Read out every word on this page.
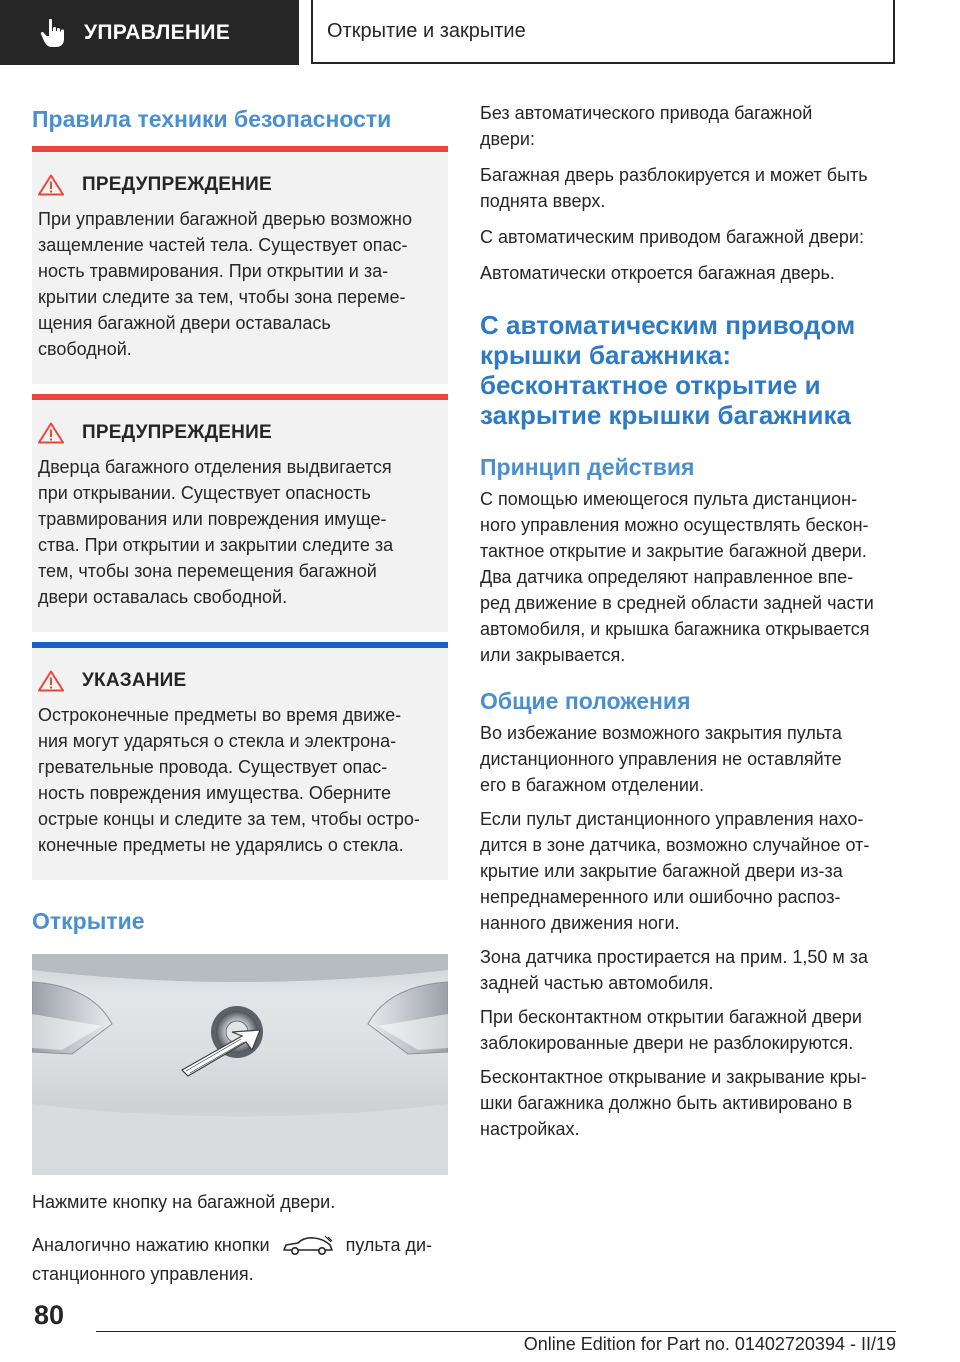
УПРАВЛЕНИЕ	Открытие и закрытие
Правила техники безопасности
ПРЕДУПРЕЖДЕНИЕ
При управлении багажной дверью возможно
защемление частей тела. Существует опас-
ность травмирования. При открытии и за-
крытии следите за тем, чтобы зона переме-
щения багажной двери оставалась
свободной.
ПРЕДУПРЕЖДЕНИЕ
Дверца багажного отделения выдвигается
при открывании. Существует опасность
травмирования или повреждения имуще-
ства. При открытии и закрытии следите за
тем, чтобы зона перемещения багажной
двери оставалась свободной.
УКАЗАНИЕ
Остроконечные предметы во время движе-
ния могут ударяться о стекла и электрона-
гревательные провода. Существует опас-
ность повреждения имущества. Оберните
острые концы и следите за тем, чтобы остро-
конечные предметы не ударялись о стекла.
Открытие

Нажмите кнопку на багажной двери.

Аналогично нажатию кнопки	пульта ди-
станционного управления.

Без автоматического привода багажной
двери:

Багажная дверь разблокируется и может быть
поднята вверх.

С автоматическим приводом багажной двери:

Автоматически откроется багажная дверь.

С автоматическим приводом
крышки багажника:
бесконтактное открытие и
закрытие крышки багажника
Принцип действия

С помощью имеющегося пульта дистанцион-
ного управления можно осуществлять бескон-
тактное открытие и закрытие багажной двери.
Два датчика определяют направленное впе-
ред движение в средней области задней части
автомобиля, и крышка багажника открывается
или закрывается.

Общие положения

Во избежание возможного закрытия пульта
дистанционного управления не оставляйте
его в багажном отделении.

Если пульт дистанционного управления нахо-
дится в зоне датчика, возможно случайное от-
крытие или закрытие багажной двери из-за
непреднамеренного или ошибочно распоз-
нанного движения ноги.

Зона датчика простирается на прим. 1,50 м за
задней частью автомобиля.

При бесконтактном открытии багажной двери
заблокированные двери не разблокируются.

Бесконтактное открывание и закрывание кры-
шки багажника должно быть активировано в
настройках.

80
Online Edition for Part no. 01402720394 - II/19
